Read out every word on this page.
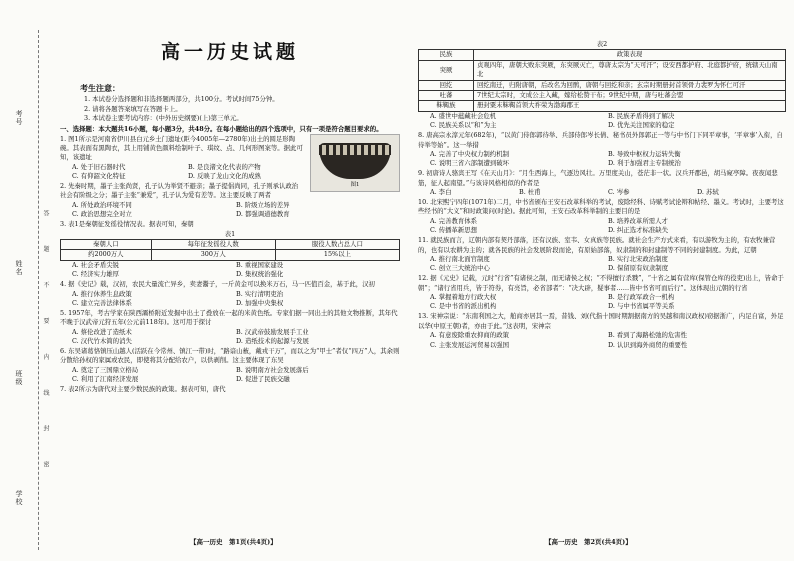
考号
姓名
班级
学校
答 题 不 要 内 线 封 密
高一历史试题
考生注意：

1. 本试卷分选择题和非选择题两部分，共100分。考试时间75分钟。

2. 请将各题答案填写在答题卡上。

3. 本试卷主要考试内容：(中外历史纲要)(上)第三单元。

一、选择题：本大题共16小题，每小题3分，共48分。在每小题给出的四个选项中，只有一项是符合题目要求的。

图1

1. 图1所示是河南省伊川县白元乡土门遗址(距今4005年—2780年)出土的圆足形陶碗。其表面有黑陶衣，其上用铺黄色颜料绘制叶子、琪纹、点、几何形图案等。据此可知，该遗址

A. 处于旧石器时代	B. 是良渚文化代表的产物
C. 有仰韶文化特征	D. 反映了龙山文化的成熟

2. 先秦时期，墨子主张尚贤，孔子认为举贤不避亲；墨子提倡尚同，孔子则承认政治社会有阶级之分；墨子主张“兼爱”，孔子认为爱有差等。这主要反映了两者

A. 所处政治环境不同	B. 阶级立场的差异
C. 政治思想完全对立	D. 都强调道德教育

3. 表1是秦朝征发徭役情况表。据表可知，秦朝

表1
秦朝人口	每年征发徭役人数	服役人数占总人口
约2000万人	300万人	15%以上
A. 社会矛盾尖锐	B. 重视国家建设
C. 经济实力雄厚	D. 集权统治强化

4. 据《史记》载，汉初，农民大量流亡异乡，卖妻鬻子，一斤黄金可以换米万石，马一匹值百金，基于此，汉初

A. 推行休养生息政策	B. 实行清明吏治
C. 建立完善法律体系	D. 加强中央集权

5. 1957年，考古学家在陕西灞桥附近发掘中出土了叠放在一起的米黄色纸。专家们据一同出土的其他文物推断，其年代不晚于汉武帝元狩五年(公元前118年)。这可用于探讨

A. 蔡伦改进了造纸术	B. 汉武帝鼓励发展手工业
C. 汉代竹木简的消失	D. 造纸技术的起源与发展

6. 东吴诸葛恪镇压山越人(活跃在今常州、镇江一带)时，“路谙山薮，戴戎干万”，而以之为“甲士”者仅“四万”人，其余则分散给孙权的家属或农民，即使将其分配给农户，以供剥削。这主要体现了东吴

A. 奠定了三国鼎立格局	B. 说明南方社会发展落后
C. 利用了江南经济发展	D. 促进了民族交融

7. 表2所示为唐代对主要少数民族的政策。据表可知，唐代

【高一历史　第1页(共4页)】
表2
民族	政策表现
突厥	贞观四年，唐朝大败东突厥，东突厥灭亡，尊唐太宗为“天可汗”；设安西都护府、北庭都护府，统辖天山南北
回纥	回纥南迁，归附唐朝，后改名为回鹘，唐朝与回纥和亲；玄宗时期册封首领骨力裴罗为怀仁可汗
吐蕃	7世纪太宗时，文成公主入藏，嫁给松赞干布；9世纪中期，唐与吐蕃会盟
靺鞨族	册封粟末靺鞨首领大祚荣为渤海郡王
A. 盛世中蕴藏社会危机	B. 民族矛盾得到了解决
C. 民族关系以“和”为主	D. 优先关注国家的稳定

8. 唐高宗永淳元年(682年)，“以黄门侍郎郭待举、兵部侍郎岑长倩、秘书员外郎郭正一等与中书门下同平章事，‘平章事’入衔，自待举等始”。这一举措

A. 完善了中央权力制约机制	B. 导致中枢权力运转失衡
C. 说明三省六部制遭到破坏	D. 利于加强君主专制统治

9. 初唐诗人骆宾王写《在天山月》：“月生西海上，气逐边风壮。万里度关山，苍茫非一状。汉兵开郡邑，胡马窥亭障。夜夜闻悲笳，征人起南望。”与该诗风格相似的作者是

A. 李白	B. 杜甫	C. 岑参	D. 苏轼

10. 北宋熙宁四年(1071年)二月，中书省颁布王安石改革科举的考试，废除经科、诗赋考试论辩和帖经、墨义。考试时，主要考这些经书的“大义”和时政策问(时论)。据此可知，王安石改革科举制的主要目的是

A. 完善教育体系	B. 培养改革所需人才
C. 传播革新思想	D. 纠正选才标准缺失

11. 就民族而言，辽朝内部有契丹部落，还有汉族、室韦、女真族等民族。就社会生产方式来看，有以游牧为主的，有农牧兼营的，也有以农耕为主的；就各民族的社会发展阶段而论，有原始部落，奴隶制的和封建制等不同的封建制度。为此，辽朝

A. 推行南北面官制度	B. 实行北宋政治制度
C. 创立三大统治中心	D. 保留原有奴隶制度

12. 据《元史》记载，元时“行省”有诸侯之制，而无诸侯之权；“不得擅行杀戮”，“十省之属有营库(保管仓库的役吏)出上，皆命于朝”；“诸行省用兵，皆于符券，有亮旨，必省部者”：“决大辟，疑事者……皆中书省可而后行”。这体现出元朝的行省

A. 掌握着地方行政大权	B. 是行政军政合一机构
C. 是中书省的派出机构	D. 与中书省属平等关系

13. 宋神宗说：“东南利国之大，舶商亦居其一焉，昔钱、刘(代指十国时期割据南方的吴越和南汉政权)窃据浙广，内足自富，外足以华(中原王朝)者，亦由于此。”这表明，宋神宗

A. 有意废除重农抑商的政策	B. 看到了海路松弛的危害性
C. 主张发展运河贸易以强国	D. 认识到海外商贸的重要性
【高一历史　第2页(共4页)】
